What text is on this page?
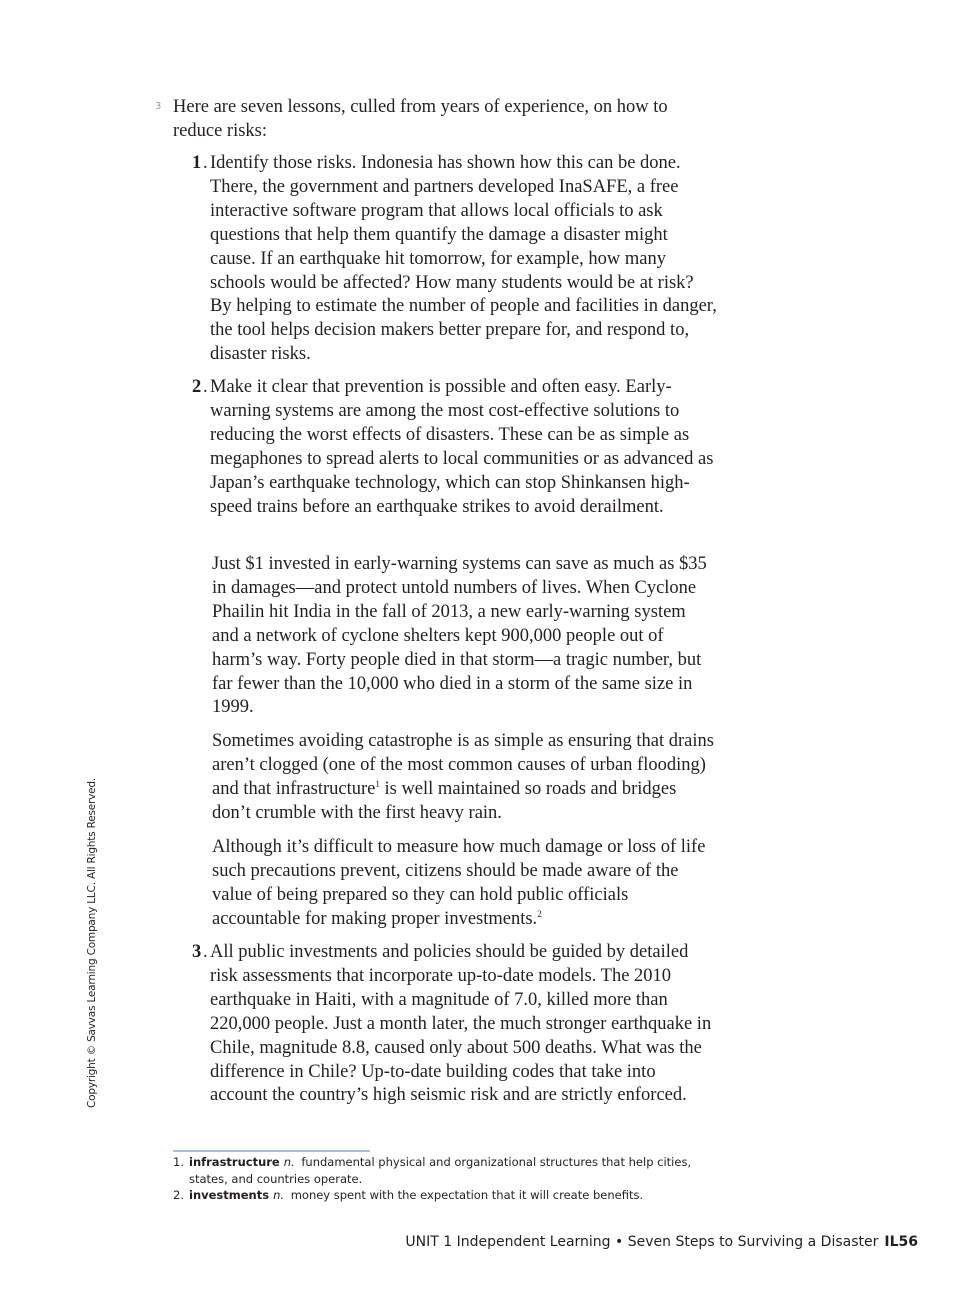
3 Here are seven lessons, culled from years of experience, on how to reduce risks:

1 . Identify those risks. Indonesia has shown how this can be done. There, the government and partners developed InaSAFE, a free interactive software program that allows local officials to ask questions that help them quantify the damage a disaster might cause. If an earthquake hit tomorrow, for example, how many schools would be affected? How many students would be at risk? By helping to estimate the number of people and facilities in danger, the tool helps decision makers better prepare for, and respond to, disaster risks.
2 . Make it clear that prevention is possible and often easy. Early-warning systems are among the most cost-effective solutions to reducing the worst effects of disasters. These can be as simple as megaphones to spread alerts to local communities or as advanced as Japan’s earthquake technology, which can stop Shinkansen high-speed trains before an earthquake strikes to avoid derailment.

Just $1 invested in early-warning systems can save as much as $35 in damages—and protect untold numbers of lives. When Cyclone Phailin hit India in the fall of 2013, a new early-warning system and a network of cyclone shelters kept 900,000 people out of harm’s way. Forty people died in that storm—a tragic number, but far fewer than the 10,000 who died in a storm of the same size in 1999.

Sometimes avoiding catastrophe is as simple as ensuring that drains aren’t clogged (one of the most common causes of urban flooding) and that infrastructure$^1$ is well maintained so roads and bridges don’t crumble with the first heavy rain.

Although it’s difficult to measure how much damage or loss of life such precautions prevent, citizens should be made aware of the value of being prepared so they can hold public officials accountable for making proper investments.$^2$

3 . All public investments and policies should be guided by detailed risk assessments that incorporate up-to-date models. The 2010 earthquake in Haiti, with a magnitude of 7.0, killed more than 220,000 people. Just a month later, the much stronger earthquake in Chile, magnitude 8.8, caused only about 500 deaths. What was the difference in Chile? Up-to-date building codes that take into account the country’s high seismic risk and are strictly enforced.
1. infrastructure n. fundamental physical and organizational structures that help cities, states, and countries operate.
2. investments n. money spent with the expectation that it will create benefits.
Copyright © Savvas Learning Company LLC. All Rights Reserved.
UNIT 1 Independent Learning • Seven Steps to Surviving a Disaster IL56
